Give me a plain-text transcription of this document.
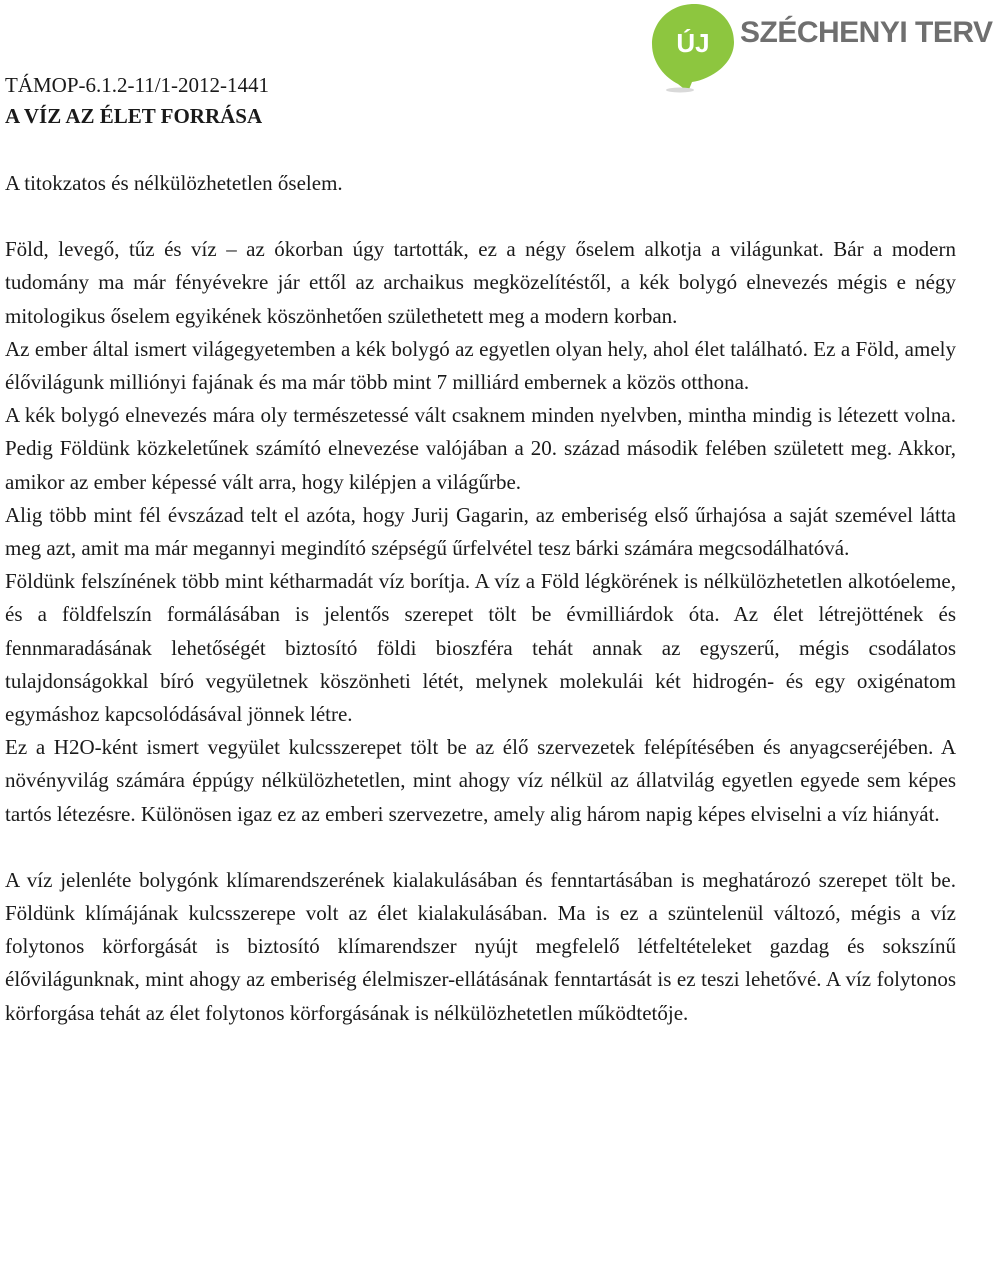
ÚJ SZÉCHENYI TERV
TÁMOP-6.1.2-11/1-2012-1441
A VÍZ AZ ÉLET FORRÁSA

A titokzatos és nélkülözhetetlen őselem.

Föld, levegő, tűz és víz – az ókorban úgy tartották, ez a négy őselem alkotja a világunkat. Bár a modern tudomány ma már fényévekre jár ettől az archaikus megközelítéstől, a kék bolygó elnevezés mégis e négy mitologikus őselem egyikének köszönhetően születhetett meg a modern korban.

Az ember által ismert világegyetemben a kék bolygó az egyetlen olyan hely, ahol élet található. Ez a Föld, amely élővilágunk milliónyi fajának és ma már több mint 7 milliárd embernek a közös otthona.

A kék bolygó elnevezés mára oly természetessé vált csaknem minden nyelvben, mintha mindig is létezett volna. Pedig Földünk közkeletűnek számító elnevezése valójában a 20. század második felében született meg. Akkor, amikor az ember képessé vált arra, hogy kilépjen a világűrbe.

Alig több mint fél évszázad telt el azóta, hogy Jurij Gagarin, az emberiség első űrhajósa a saját szemével látta meg azt, amit ma már megannyi megindító szépségű űrfelvétel tesz bárki számára megcsodálhatóvá.

Földünk felszínének több mint kétharmadát víz borítja. A víz a Föld légkörének is nélkülözhetetlen alkotóeleme, és a földfelszín formálásában is jelentős szerepet tölt be évmilliárdok óta. Az élet létrejöttének és fennmaradásának lehetőségét biztosító földi bioszféra tehát annak az egyszerű, mégis csodálatos tulajdonságokkal bíró vegyületnek köszönheti létét, melynek molekulái két hidrogén- és egy oxigénatom egymáshoz kapcsolódásával jönnek létre.

Ez a H2O-ként ismert vegyület kulcsszerepet tölt be az élő szervezetek felépítésében és anyagcseréjében. A növényvilág számára éppúgy nélkülözhetetlen, mint ahogy víz nélkül az állatvilág egyetlen egyede sem képes tartós létezésre. Különösen igaz ez az emberi szervezetre, amely alig három napig képes elviselni a víz hiányát.

A víz jelenléte bolygónk klímarendszerének kialakulásában és fenntartásában is meghatározó szerepet tölt be. Földünk klímájának kulcsszerepe volt az élet kialakulásában. Ma is ez a szüntelenül változó, mégis a víz folytonos körforgását is biztosító klímarendszer nyújt megfelelő létfeltételeket gazdag és sokszínű élővilágunknak, mint ahogy az emberiség élelmiszer-ellátásának fenntartását is ez teszi lehetővé. A víz folytonos körforgása tehát az élet folytonos körforgásának is nélkülözhetetlen működtetője.
